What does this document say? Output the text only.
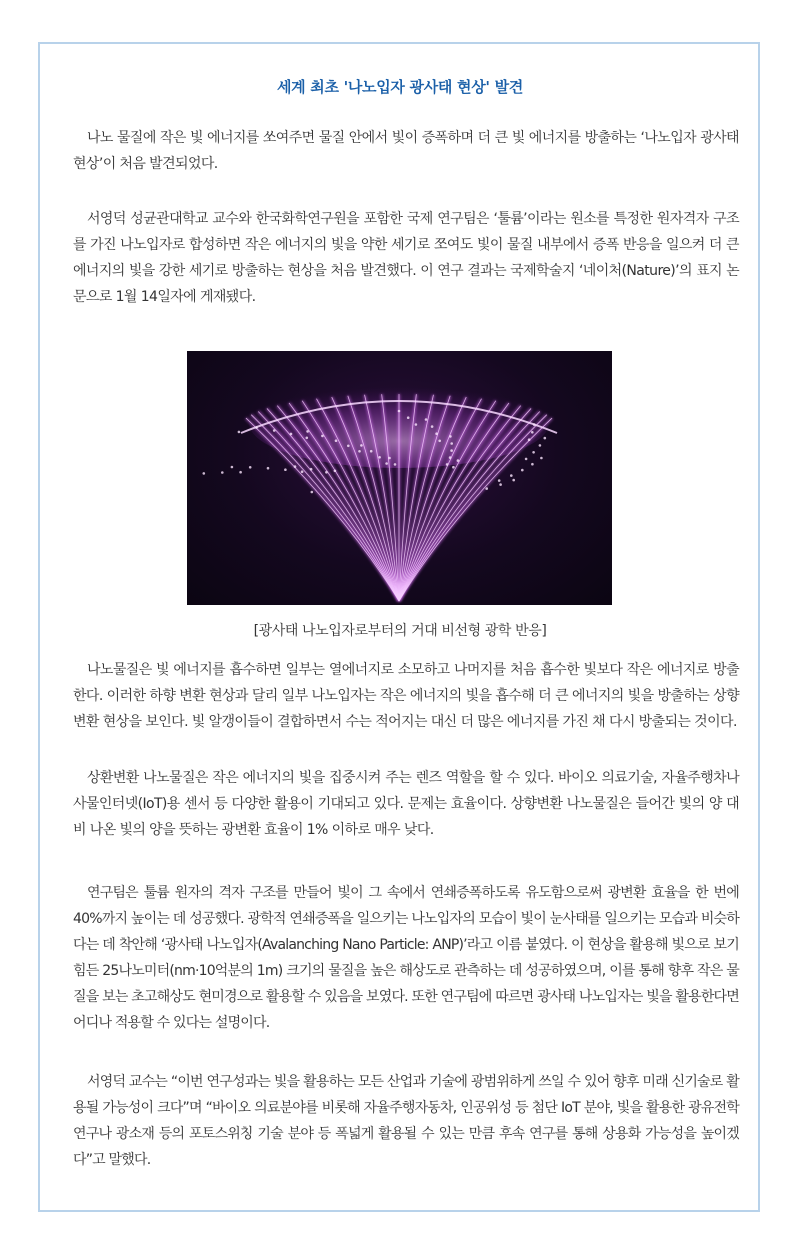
세계 최초 '나노입자 광사태 현상' 발견

나노 물질에 작은 빛 에너지를 쏘여주면 물질 안에서 빛이 증폭하며 더 큰 빛 에너지를 방출하는 ‘나노입자 광사태 현상’이 처음 발견되었다.

서영덕 성균관대학교 교수와 한국화학연구원을 포함한 국제 연구팀은 ‘툴륨’이라는 원소를 특정한 원자격자 구조를 가진 나노입자로 합성하면 작은 에너지의 빛을 약한 세기로 쪼여도 빛이 물질 내부에서 증폭 반응을 일으켜 더 큰 에너지의 빛을 강한 세기로 방출하는 현상을 처음 발견했다. 이 연구 결과는 국제학술지 ‘네이처(Nature)’의 표지 논문으로 1월 14일자에 게재됐다.

[광사태 나노입자로부터의 거대 비선형 광학 반응]

나노물질은 빛 에너지를 흡수하면 일부는 열에너지로 소모하고 나머지를 처음 흡수한 빛보다 작은 에너지로 방출한다. 이러한 하향 변환 현상과 달리 일부 나노입자는 작은 에너지의 빛을 흡수해 더 큰 에너지의 빛을 방출하는 상향변환 현상을 보인다. 빛 알갱이들이 결합하면서 수는 적어지는 대신 더 많은 에너지를 가진 채 다시 방출되는 것이다.

상환변환 나노물질은 작은 에너지의 빛을 집중시켜 주는 렌즈 역할을 할 수 있다. 바이오 의료기술, 자율주행차나 사물인터넷(IoT)용 센서 등 다양한 활용이 기대되고 있다. 문제는 효율이다. 상향변환 나노물질은 들어간 빛의 양 대비 나온 빛의 양을 뜻하는 광변환 효율이 1% 이하로 매우 낮다.

연구팀은 툴륨 원자의 격자 구조를 만들어 빛이 그 속에서 연쇄증폭하도록 유도함으로써 광변환 효율을 한 번에 40%까지 높이는 데 성공했다. 광학적 연쇄증폭을 일으키는 나노입자의 모습이 빛이 눈사태를 일으키는 모습과 비슷하다는 데 착안해 ‘광사태 나노입자(Avalanching Nano Particle: ANP)’라고 이름 붙였다. 이 현상을 활용해 빛으로 보기 힘든 25나노미터(nm·10억분의 1m) 크기의 물질을 높은 해상도로 관측하는 데 성공하였으며, 이를 통해 향후 작은 물질을 보는 초고해상도 현미경으로 활용할 수 있음을 보였다. 또한 연구팀에 따르면 광사태 나노입자는 빛을 활용한다면 어디나 적용할 수 있다는 설명이다.

서영덕 교수는 “이번 연구성과는 빛을 활용하는 모든 산업과 기술에 광범위하게 쓰일 수 있어 향후 미래 신기술로 활용될 가능성이 크다”며 “바이오 의료분야를 비롯해 자율주행자동차, 인공위성 등 첨단 IoT 분야, 빛을 활용한 광유전학 연구나 광소재 등의 포토스위칭 기술 분야 등 폭넓게 활용될 수 있는 만큼 후속 연구를 통해 상용화 가능성을 높이겠다”고 말했다.
